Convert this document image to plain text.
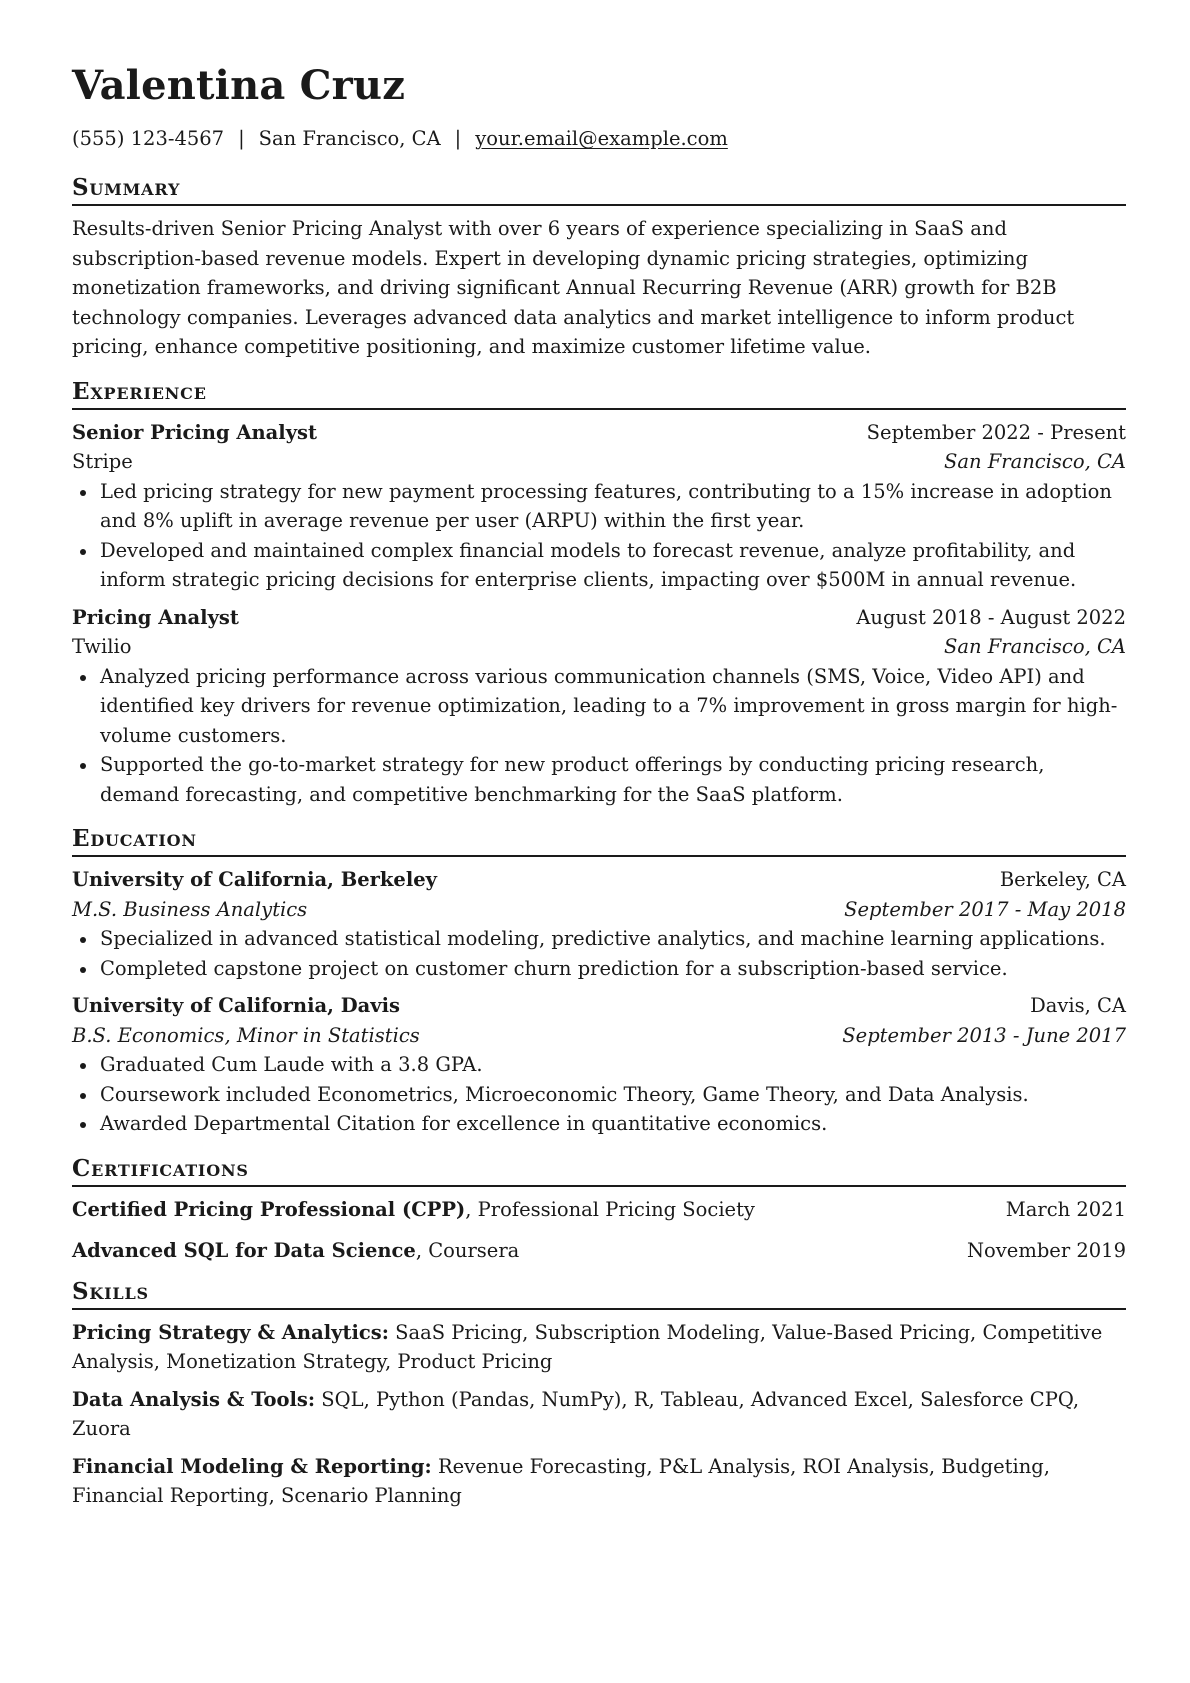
Valentina Cruz
(555) 123-4567 | San Francisco, CA | your.email@example.com
Summary

Results-driven Senior Pricing Analyst with over 6 years of experience specializing in SaaS and subscription-based revenue models. Expert in developing dynamic pricing strategies, optimizing monetization frameworks, and driving significant Annual Recurring Revenue (ARR) growth for B2B technology companies. Leverages advanced data analytics and market intelligence to inform product pricing, enhance competitive positioning, and maximize customer lifetime value.

Experience
Senior Pricing Analyst	September 2022 - Present
Stripe	San Francisco, CA
Led pricing strategy for new payment processing features, contributing to a 15% increase in adoption and 8% uplift in average revenue per user (ARPU) within the first year.
Developed and maintained complex financial models to forecast revenue, analyze profitability, and inform strategic pricing decisions for enterprise clients, impacting over $500M in annual revenue.
Pricing Analyst	August 2018 - August 2022
Twilio	San Francisco, CA
Analyzed pricing performance across various communication channels (SMS, Voice, Video API) and identified key drivers for revenue optimization, leading to a 7% improvement in gross margin for high-volume customers.
Supported the go-to-market strategy for new product offerings by conducting pricing research, demand forecasting, and competitive benchmarking for the SaaS platform.
Education
University of California, Berkeley	Berkeley, CA
M.S. Business Analytics	September 2017 - May 2018
Specialized in advanced statistical modeling, predictive analytics, and machine learning applications.
Completed capstone project on customer churn prediction for a subscription-based service.
University of California, Davis	Davis, CA
B.S. Economics, Minor in Statistics	September 2013 - June 2017
Graduated Cum Laude with a 3.8 GPA.
Coursework included Econometrics, Microeconomic Theory, Game Theory, and Data Analysis.
Awarded Departmental Citation for excellence in quantitative economics.
Certifications
Certified Pricing Professional (CPP), Professional Pricing Society	March 2021
Advanced SQL for Data Science, Coursera	November 2019
Skills

Pricing Strategy & Analytics: SaaS Pricing, Subscription Modeling, Value-Based Pricing, Competitive Analysis, Monetization Strategy, Product Pricing

Data Analysis & Tools: SQL, Python (Pandas, NumPy), R, Tableau, Advanced Excel, Salesforce CPQ, Zuora

Financial Modeling & Reporting: Revenue Forecasting, P&L Analysis, ROI Analysis, Budgeting, Financial Reporting, Scenario Planning
